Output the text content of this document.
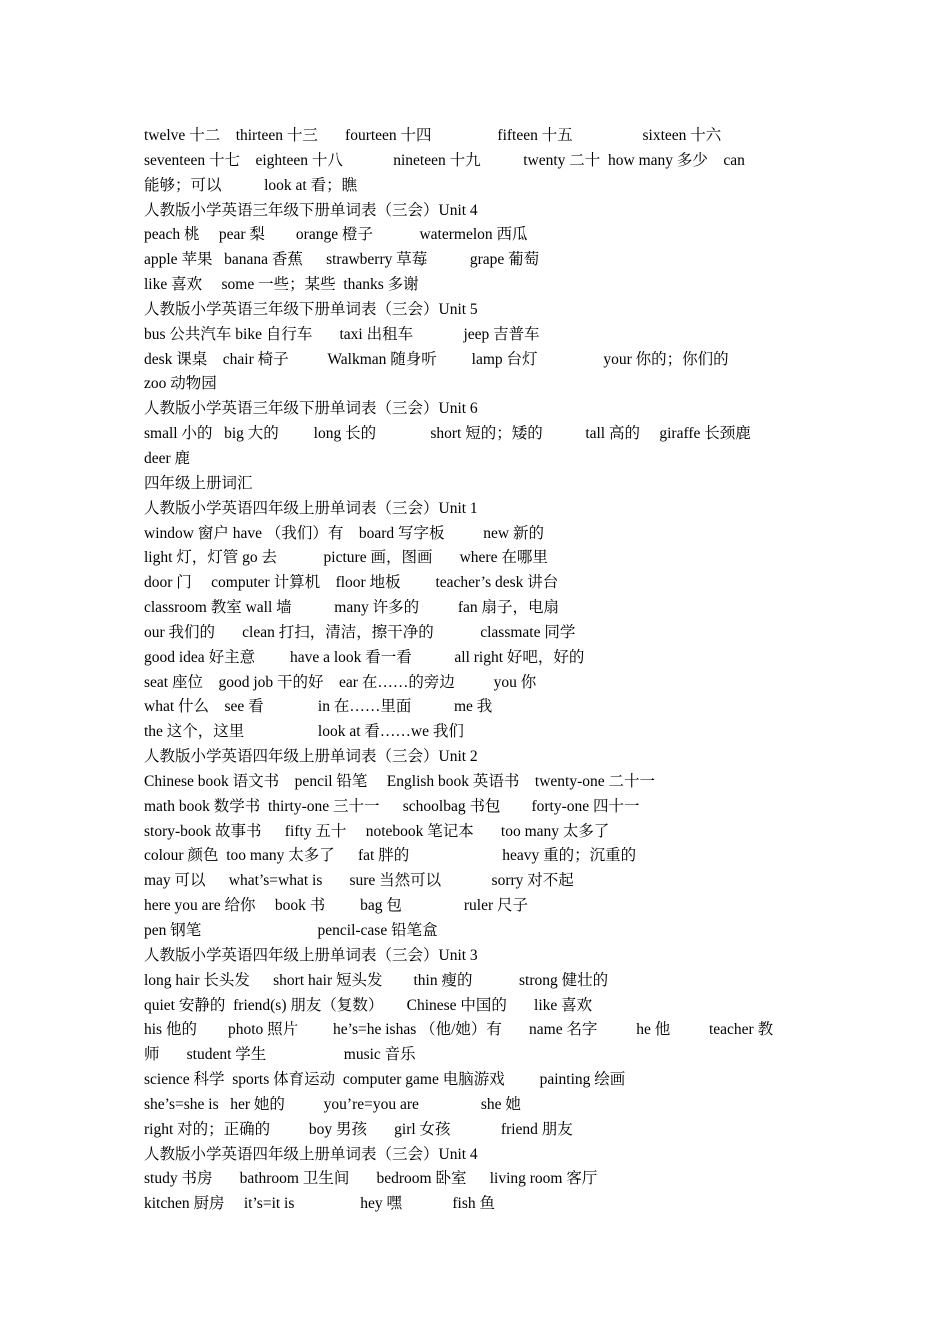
twelve 十二    thirteen 十三       fourteen 十四                 fifteen 十五                  sixteen 十六
seventeen 十七    eighteen 十八             nineteen 十九           twenty 二十  how many 多少    can
能够；可以           look at 看；瞧
人教版小学英语三年级下册单词表（三会）Unit 4
peach 桃     pear 梨        orange 橙子            watermelon 西瓜
apple 苹果   banana 香蕉      strawberry 草莓           grape 葡萄
like 喜欢     some 一些；某些  thanks 多谢
人教版小学英语三年级下册单词表（三会）Unit 5
bus 公共汽车 bike 自行车       taxi 出租车             jeep 吉普车
desk 课桌    chair 椅子          Walkman 随身听         lamp 台灯                 your 你的；你们的
zoo 动物园
人教版小学英语三年级下册单词表（三会）Unit 6
small 小的   big 大的         long 长的              short 短的；矮的           tall 高的     giraffe 长颈鹿
deer 鹿
四年级上册词汇
人教版小学英语四年级上册单词表（三会）Unit 1
window 窗户 have （我们）有    board 写字板          new 新的
light 灯，灯管 go 去            picture 画，图画       where 在哪里
door 门     computer 计算机    floor 地板         teacher’s desk 讲台
classroom 教室 wall 墙           many 许多的          fan 扇子，电扇
our 我们的       clean 打扫，清洁，擦干净的            classmate 同学
good idea 好主意         have a look 看一看           all right 好吧，好的
seat 座位    good job 干的好    ear 在……的旁边          you 你
what 什么    see 看              in 在……里面           me 我
the 这个，这里                   look at 看……we 我们
人教版小学英语四年级上册单词表（三会）Unit 2
Chinese book 语文书    pencil 铅笔     English book 英语书    twenty-one 二十一
math book 数学书  thirty-one 三十一      schoolbag 书包        forty-one 四十一
story-book 故事书      fifty 五十     notebook 笔记本       too many 太多了
colour 颜色  too many 太多了      fat 胖的                        heavy 重的；沉重的
may 可以      what’s=what is       sure 当然可以             sorry 对不起
here you are 给你     book 书         bag 包                ruler 尺子
pen 钢笔                              pencil-case 铅笔盒
人教版小学英语四年级上册单词表（三会）Unit 3
long hair 长头发      short hair 短头发        thin 瘦的            strong 健壮的
quiet 安静的  friend(s) 朋友（复数）      Chinese 中国的       like 喜欢
his 他的        photo 照片         he’s=he ishas （他/她）有       name 名字          he 他          teacher 教
师       student 学生                    music 音乐
science 科学  sports 体育运动  computer game 电脑游戏         painting 绘画
she’s=she is   her 她的          you’re=you are                she 她
right 对的；正确的          boy 男孩       girl 女孩             friend 朋友
人教版小学英语四年级上册单词表（三会）Unit 4
study 书房       bathroom 卫生间       bedroom 卧室      living room 客厅
kitchen 厨房     it’s=it is                 hey 嘿             fish 鱼
